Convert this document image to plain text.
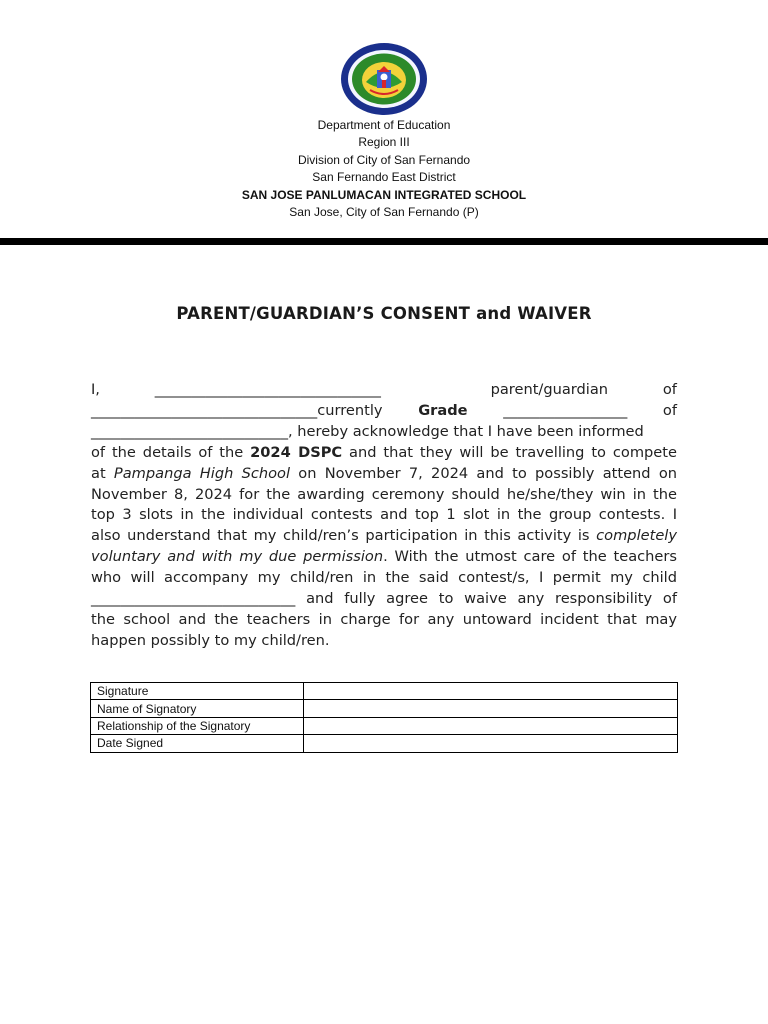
Department of Education
Region III
Division of City of San Fernando
San Fernando East District
SAN JOSE PANLUMACAN INTEGRATED SCHOOL
San Jose, City of San Fernando (P)
PARENT/GUARDIAN’S CONSENT and WAIVER
I,	_______________________________	parent/guardian	of
_______________________________currently Grade _________________ of
___________________________, hereby acknowledge that I have been informed
of the details of the 2024 DSPC and that they will be travelling to compete
at Pampanga High School on November 7, 2024 and to possibly attend on
November 8, 2024 for the awarding ceremony should he/she/they win in the
top 3 slots in the individual contests and top 1 slot in the group contests. I
also understand that my child/ren’s participation in this activity is completely
voluntary and with my due permission. With the utmost care of the teachers
who will accompany my child/ren in the said contest/s, I permit my child
____________________________ and fully agree to waive any responsibility of
the school and the teachers in charge for any untoward incident that may
happen possibly to my child/ren.
Signature	
Name of Signatory	
Relationship of the Signatory	
Date Signed	
